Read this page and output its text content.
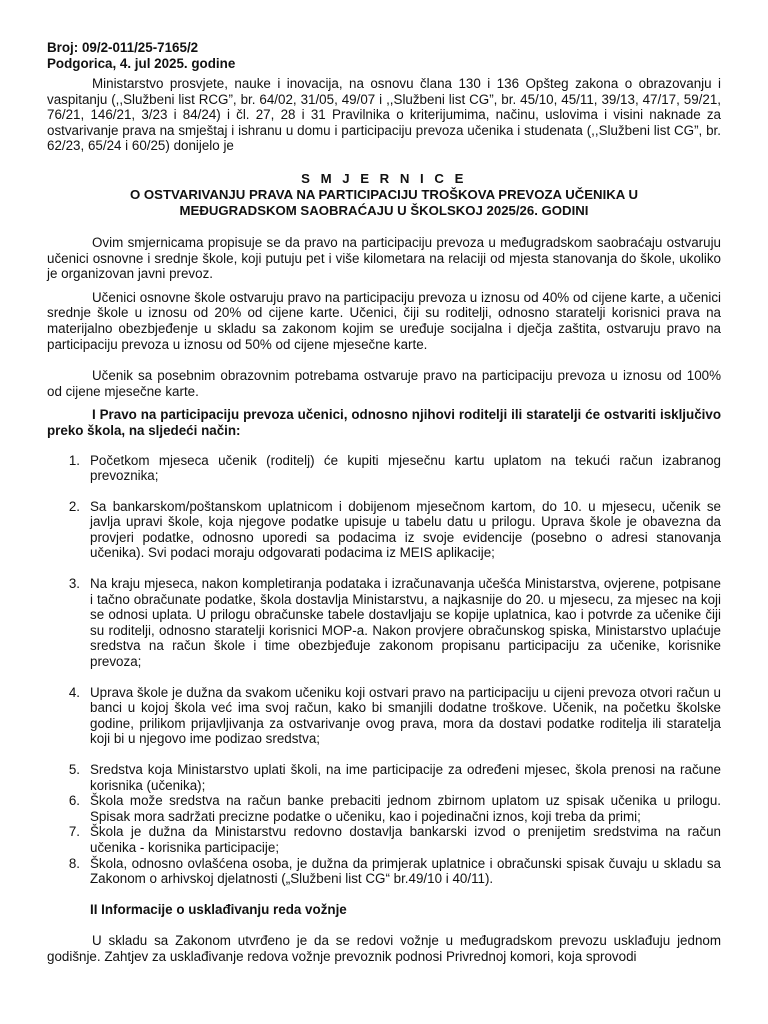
Broj: 09/2-011/25-7165/2

Podgorica, 4. jul 2025. godine

Ministarstvo prosvjete, nauke i inovacija, na osnovu člana 130 i 136 Opšteg zakona o obrazovanju i vaspitanju (,,Službeni list RCG”, br. 64/02, 31/05, 49/07 i ,,Službeni list CG”, br. 45/10, 45/11, 39/13, 47/17, 59/21, 76/21, 146/21, 3/23 i 84/24) i čl. 27, 28 i 31 Pravilnika o kriterijumima, načinu, uslovima i visini naknade za ostvarivanje prava na smještaj i ishranu u domu i participaciju prevoza učenika i studenata (,,Službeni list CG”, br. 62/23, 65/24 i 60/25) donijelo je

S M J E R N I C E

O OSTVARIVANJU PRAVA NA PARTICIPACIJU TROŠKOVA PREVOZA UČENIKA U

MEĐUGRADSKOM SAOBRAĆAJU U ŠKOLSKOJ 2025/26. GODINI

Ovim smjernicama propisuje se da pravo na participaciju prevoza u međugradskom saobraćaju ostvaruju učenici osnovne i srednje škole, koji putuju pet i više kilometara na relaciji od mjesta stanovanja do škole, ukoliko je organizovan javni prevoz.

Učenici osnovne škole ostvaruju pravo na participaciju prevoza u iznosu od 40% od cijene karte, a učenici srednje škole u iznosu od 20% od cijene karte. Učenici, čiji su roditelji, odnosno staratelji korisnici prava na materijalno obezbjeđenje u skladu sa zakonom kojim se uređuje socijalna i dječja zaštita, ostvaruju pravo na participaciju prevoza u iznosu od 50% od cijene mjesečne karte.

Učenik sa posebnim obrazovnim potrebama ostvaruje pravo na participaciju prevoza u iznosu od 100% od cijene mjesečne karte.

I Pravo na participaciju prevoza učenici, odnosno njihovi roditelji ili staratelji će ostvariti isključivo preko škola, na sljedeći način:

1. Početkom mjeseca učenik (roditelj) će kupiti mjesečnu kartu uplatom na tekući račun izabranog prevoznika;
2. Sa bankarskom/poštanskom uplatnicom i dobijenom mjesečnom kartom, do 10. u mjesecu, učenik se javlja upravi škole, koja njegove podatke upisuje u tabelu datu u prilogu. Uprava škole je obavezna da provjeri podatke, odnosno uporedi sa podacima iz svoje evidencije (posebno o adresi stanovanja učenika). Svi podaci moraju odgovarati podacima iz MEIS aplikacije;
3. Na kraju mjeseca, nakon kompletiranja podataka i izračunavanja učešća Ministarstva, ovjerene, potpisane i tačno obračunate podatke, škola dostavlja Ministarstvu, a najkasnije do 20. u mjesecu, za mjesec na koji se odnosi uplata. U prilogu obračunske tabele dostavljaju se kopije uplatnica, kao i potvrde za učenike čiji su roditelji, odnosno staratelji korisnici MOP-a. Nakon provjere obračunskog spiska, Ministarstvo uplaćuje sredstva na račun škole i time obezbjeđuje zakonom propisanu participaciju za učenike, korisnike prevoza;
4. Uprava škole je dužna da svakom učeniku koji ostvari pravo na participaciju u cijeni prevoza otvori račun u banci u kojoj škola već ima svoj račun, kako bi smanjili dodatne troškove. Učenik, na početku školske godine, prilikom prijavljivanja za ostvarivanje ovog prava, mora da dostavi podatke roditelja ili staratelja koji bi u njegovo ime podizao sredstva;
5. Sredstva koja Ministarstvo uplati školi, na ime participacije za određeni mjesec, škola prenosi na račune korisnika (učenika);
6. Škola može sredstva na račun banke prebaciti jednom zbirnom uplatom uz spisak učenika u prilogu. Spisak mora sadržati precizne podatke o učeniku, kao i pojedinačni iznos, koji treba da primi;
7. Škola je dužna da Ministarstvu redovno dostavlja bankarski izvod o prenijetim sredstvima na račun učenika - korisnika participacije;
8. Škola, odnosno ovlašćena osoba, je dužna da primjerak uplatnice i obračunski spisak čuvaju u skladu sa Zakonom o arhivskoj djelatnosti („Službeni list CG“ br.49/10 i 40/11).

II Informacije o usklađivanju reda vožnje

U skladu sa Zakonom utvrđeno je da se redovi vožnje u međugradskom prevozu usklađuju jednom godišnje. Zahtjev za usklađivanje redova vožnje prevoznik podnosi Privrednoj komori, koja sprovodi
